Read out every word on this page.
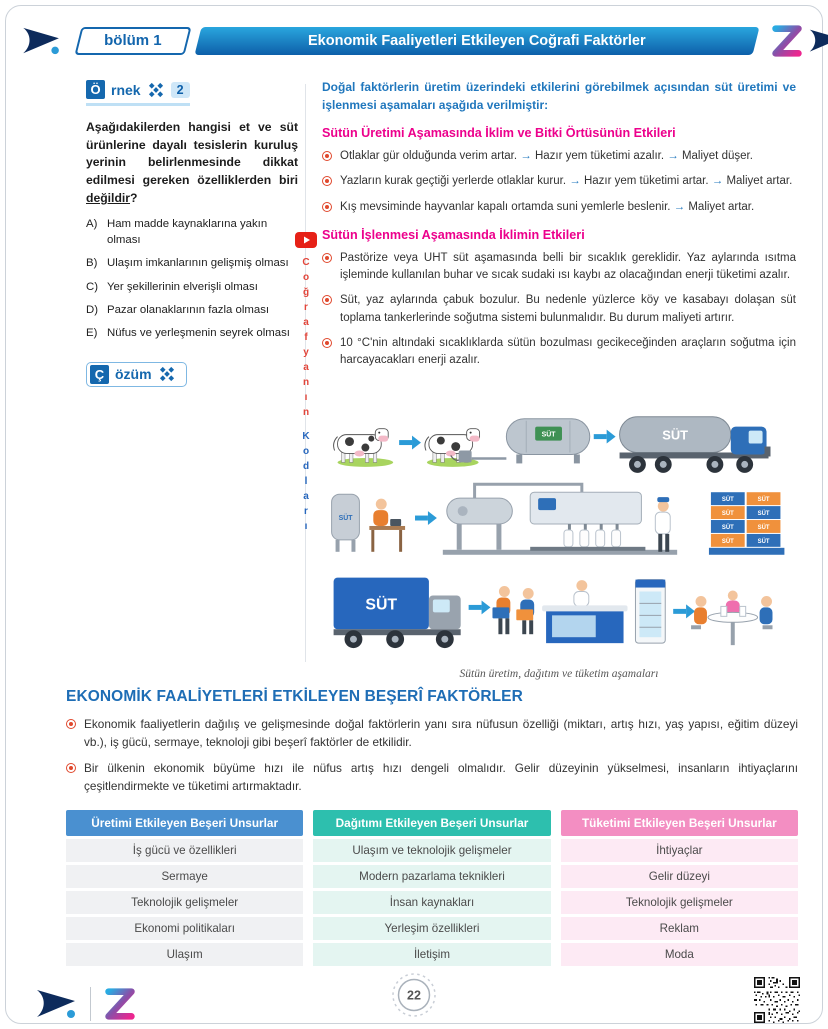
bölüm 1	Ekonomik Faaliyetleri Etkileyen Coğrafi Faktörler
Ö rnek	2

Aşağıdakilerden hangisi et ve süt ürünlerine dayalı tesislerin kuruluş yerinin belirlenmesinde dikkat edilmesi gereken özelliklerden biri değildir?

A) Ham madde kaynaklarına yakın olması
B) Ulaşım imkanlarının gelişmiş olması
C) Yer şekillerinin elverişli olması
D) Pazar olanaklarının fazla olması
E) Nüfus ve yerleşmenin seyrek olması
Ç özüm	Coğrafyanın
Kodları

Doğal faktörlerin üretim üzerindeki etkilerini görebilmek açısından süt üretimi ve işlenmesi aşamaları aşağıda verilmiştir:

Sütün Üretimi Aşamasında İklim ve Bitki Örtüsünün Etkileri
Otlaklar gür olduğunda verim artar. → Hazır yem tüketimi azalır. → Maliyet düşer.
Yazların kurak geçtiği yerlerde otlaklar kurur. → Hazır yem tüketimi artar. → Maliyet artar.
Kış mevsiminde hayvanlar kapalı ortamda suni yemlerle beslenir. → Maliyet artar.
Sütün İşlenmesi Aşamasında İklimin Etkileri
Pastörize veya UHT süt aşamasında belli bir sıcaklık gereklidir. Yaz aylarında ısıtma işleminde kullanılan buhar ve sıcak sudaki ısı kaybı az olacağından enerji tüketimi azalır.
Süt, yaz aylarında çabuk bozulur. Bu nedenle yüzlerce köy ve kasabayı dolaşan süt toplama tankerlerinde soğutma sistemi bulunmalıdır. Bu durum maliyeti artırır.
10 °C'nin altındaki sıcaklıklarda sütün bozulması gecikeceğinden araçların soğutma için harcayacakları enerji azalır.
SÜT	SÜT
SÜT
SÜT	SÜT
SÜT	SÜT
SÜT	SÜT
SÜT	SÜT
SÜT

Sütün üretim, dağıtım ve tüketim aşamaları

EKONOMİK FAALİYETLERİ ETKİLEYEN BEŞERÎ FAKTÖRLER
Ekonomik faaliyetlerin dağılış ve gelişmesinde doğal faktörlerin yanı sıra nüfusun özelliği (miktarı, artış hızı, yaş yapısı, eğitim düzeyi vb.), iş gücü, sermaye, teknoloji gibi beşerî faktörler de etkilidir.
Bir ülkenin ekonomik büyüme hızı ile nüfus artış hızı dengeli olmalıdır. Gelir düzeyinin yükselmesi, insanların ihtiyaçlarını çeşitlendirmekte ve tüketimi artırmaktadır.
Üretimi Etkileyen Beşeri Unsurlar	Dağıtımı Etkileyen Beşeri Unsurlar	Tüketimi Etkileyen Beşeri Unsurlar
İş gücü ve özellikleri	Ulaşım ve teknolojik gelişmeler	İhtiyaçlar
Sermaye	Modern pazarlama teknikleri	Gelir düzeyi
Teknolojik gelişmeler	İnsan kaynakları	Teknolojik gelişmeler
Ekonomi politikaları	Yerleşim özellikleri	Reklam
Ulaşım	İletişim	Moda
22
